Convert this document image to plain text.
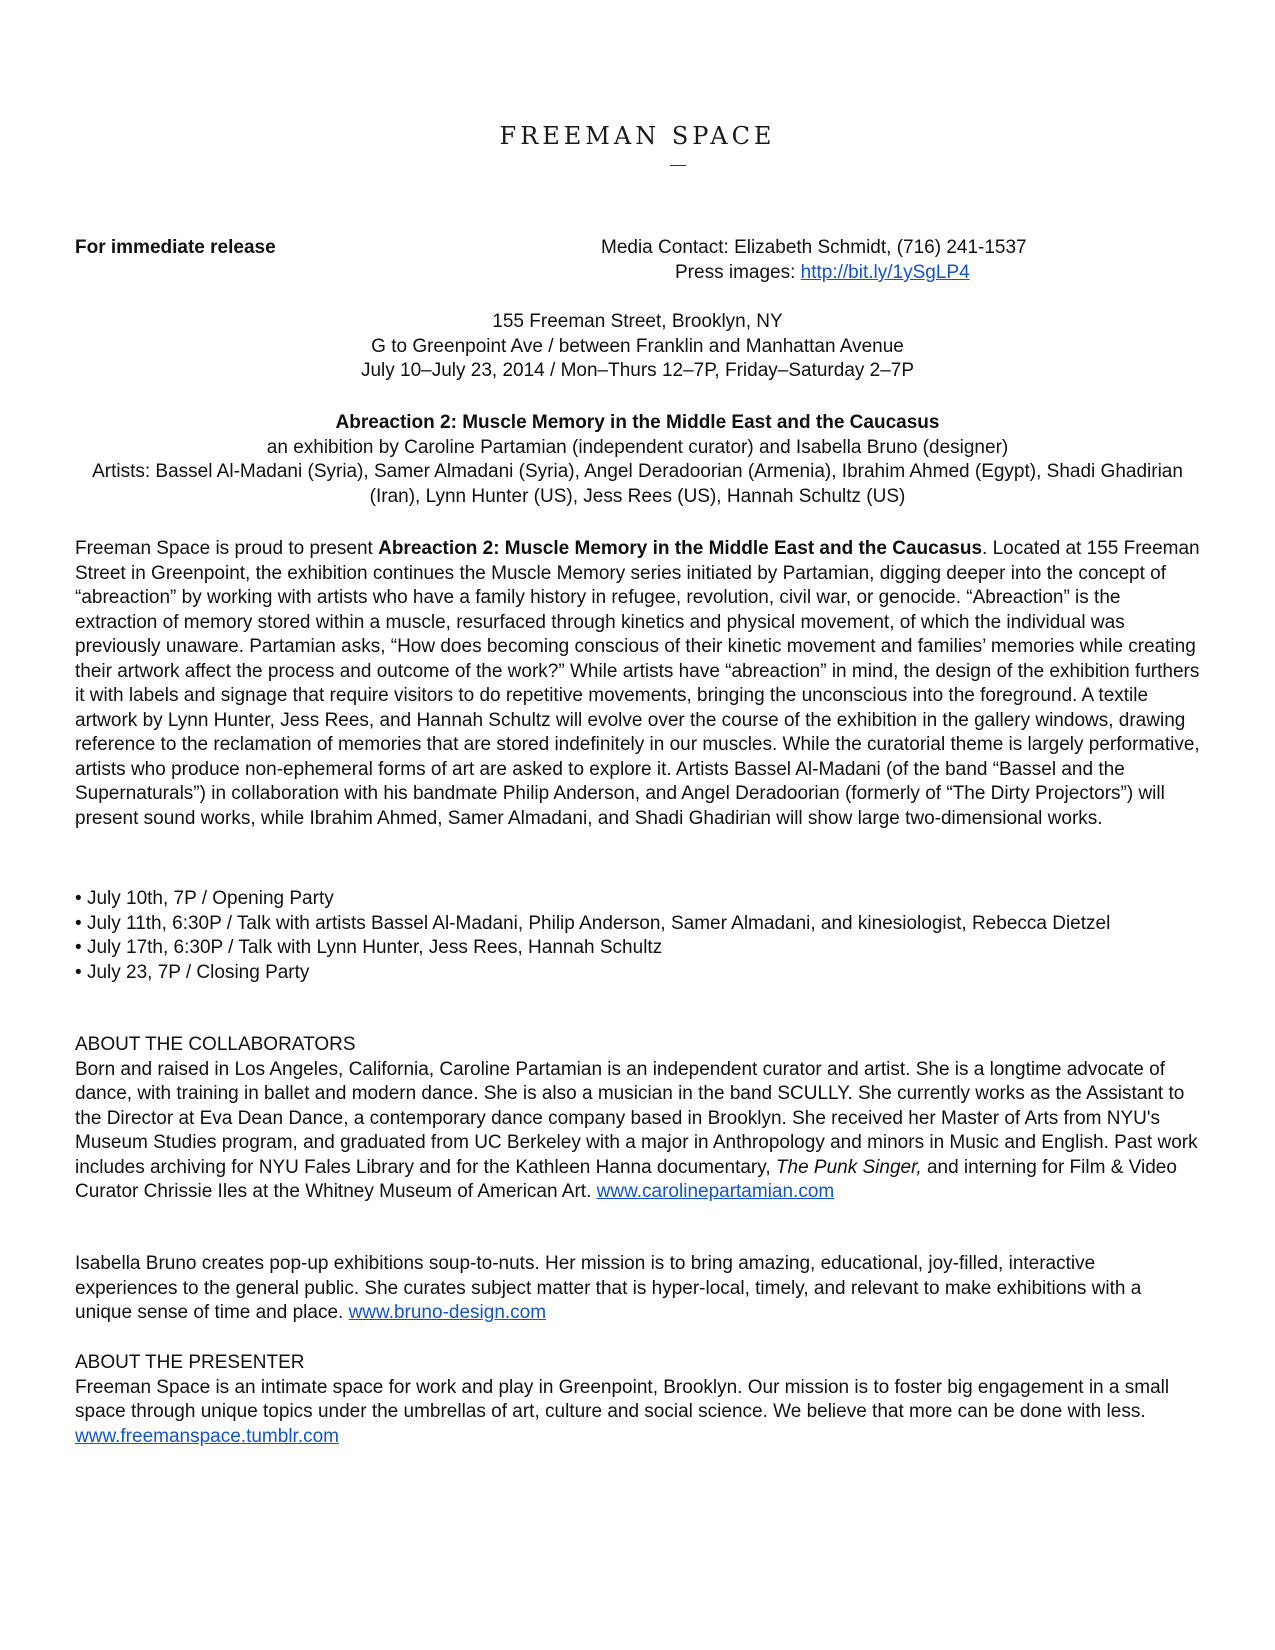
FREEMAN SPACE
For immediate release	Media Contact: Elizabeth Schmidt, (716) 241-1537
Press images: http://bit.ly/1ySgLP4
155 Freeman Street, Brooklyn, NY
G to Greenpoint Ave / between Franklin and Manhattan Avenue
July 10–July 23, 2014 / Mon–Thurs 12–7P, Friday–Saturday 2–7P
Abreaction 2: Muscle Memory in the Middle East and the Caucasus
an exhibition by Caroline Partamian (independent curator) and Isabella Bruno (designer)
Artists: Bassel Al-Madani (Syria), Samer Almadani (Syria), Angel Deradoorian (Armenia), Ibrahim Ahmed (Egypt), Shadi Ghadirian (Iran), Lynn Hunter (US), Jess Rees (US), Hannah Schultz (US)
Freeman Space is proud to present Abreaction 2: Muscle Memory in the Middle East and the Caucasus. Located at 155 Freeman Street in Greenpoint, the exhibition continues the Muscle Memory series initiated by Partamian, digging deeper into the concept of “abreaction” by working with artists who have a family history in refugee, revolution, civil war, or genocide. “Abreaction” is the extraction of memory stored within a muscle, resurfaced through kinetics and physical movement, of which the individual was previously unaware. Partamian asks, “How does becoming conscious of their kinetic movement and families’ memories while creating their artwork affect the process and outcome of the work?” While artists have “abreaction” in mind, the design of the exhibition furthers it with labels and signage that require visitors to do repetitive movements, bringing the unconscious into the foreground. A textile artwork by Lynn Hunter, Jess Rees, and Hannah Schultz will evolve over the course of the exhibition in the gallery windows, drawing reference to the reclamation of memories that are stored indefinitely in our muscles. While the curatorial theme is largely performative, artists who produce non-ephemeral forms of art are asked to explore it. Artists Bassel Al-Madani (of the band “Bassel and the Supernaturals”) in collaboration with his bandmate Philip Anderson, and Angel Deradoorian (formerly of “The Dirty Projectors”) will present sound works, while Ibrahim Ahmed, Samer Almadani, and Shadi Ghadirian will show large two-dimensional works.
• July 10th, 7P / Opening Party
• July 11th, 6:30P / Talk with artists Bassel Al-Madani, Philip Anderson, Samer Almadani, and kinesiologist, Rebecca Dietzel
• July 17th, 6:30P / Talk with Lynn Hunter, Jess Rees, Hannah Schultz
• July 23, 7P / Closing Party
ABOUT THE COLLABORATORS
Born and raised in Los Angeles, California, Caroline Partamian is an independent curator and artist. She is a longtime advocate of dance, with training in ballet and modern dance. She is also a musician in the band SCULLY. She currently works as the Assistant to the Director at Eva Dean Dance, a contemporary dance company based in Brooklyn. She received her Master of Arts from NYU's Museum Studies program, and graduated from UC Berkeley with a major in Anthropology and minors in Music and English. Past work includes archiving for NYU Fales Library and for the Kathleen Hanna documentary, The Punk Singer, and interning for Film & Video Curator Chrissie Iles at the Whitney Museum of American Art. www.carolinepartamian.com
Isabella Bruno creates pop-up exhibitions soup-to-nuts. Her mission is to bring amazing, educational, joy-filled, interactive experiences to the general public. She curates subject matter that is hyper-local, timely, and relevant to make exhibitions with a unique sense of time and place. www.bruno-design.com
ABOUT THE PRESENTER
Freeman Space is an intimate space for work and play in Greenpoint, Brooklyn. Our mission is to foster big engagement in a small space through unique topics under the umbrellas of art, culture and social science. We believe that more can be done with less. www.freemanspace.tumblr.com
